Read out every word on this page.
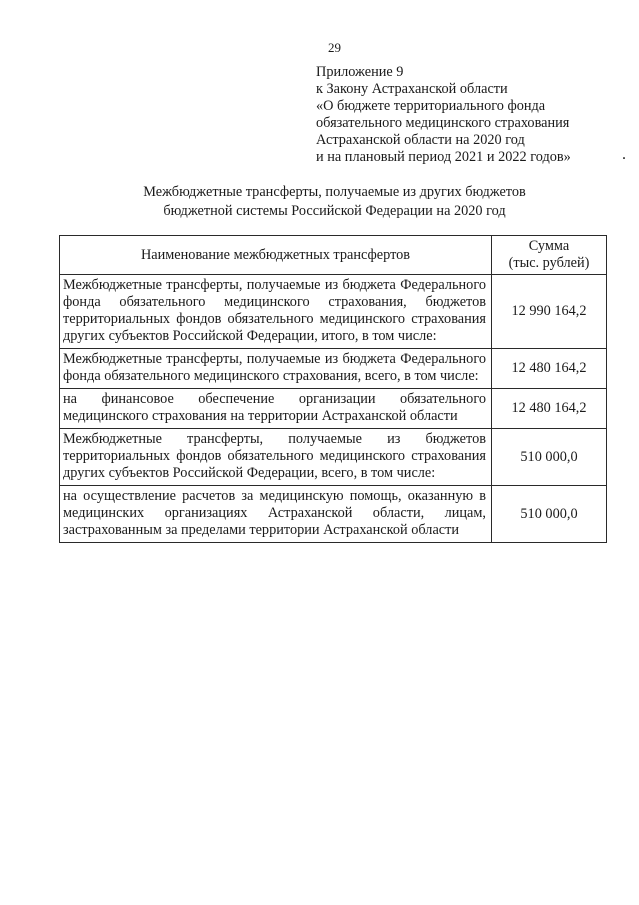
29
Приложение 9
к Закону Астраханской области
«О бюджете территориального фонда
обязательного медицинского страхования
Астраханской области на 2020 год
и на плановый период 2021 и 2022 годов»	.
Межбюджетные трансферты, получаемые из других бюджетов
бюджетной системы Российской Федерации на 2020 год
Наименование межбюджетных трансфертов	Сумма
(тыс. рублей)
Межбюджетные трансферты, получаемые из бюджета Федерального фонда обязательного медицинского страхования, бюджетов территориальных фондов обязательного медицинского страхования других субъектов Российской Федерации, итого, в том числе:	12 990 164,2
Межбюджетные трансферты, получаемые из бюджета Федерального фонда обязательного медицинского страхования, всего, в том числе:	12 480 164,2
на финансовое обеспечение организации обязательного медицинского страхования на территории Астраханской области	12 480 164,2
Межбюджетные трансферты, получаемые из бюджетов территориальных фондов обязательного медицинского страхования других субъектов Российской Федерации, всего, в том числе:	510 000,0
на осуществление расчетов за медицинскую помощь, оказанную в медицинских организациях Астраханской области, лицам, застрахованным за пределами территории Астраханской области	510 000,0
